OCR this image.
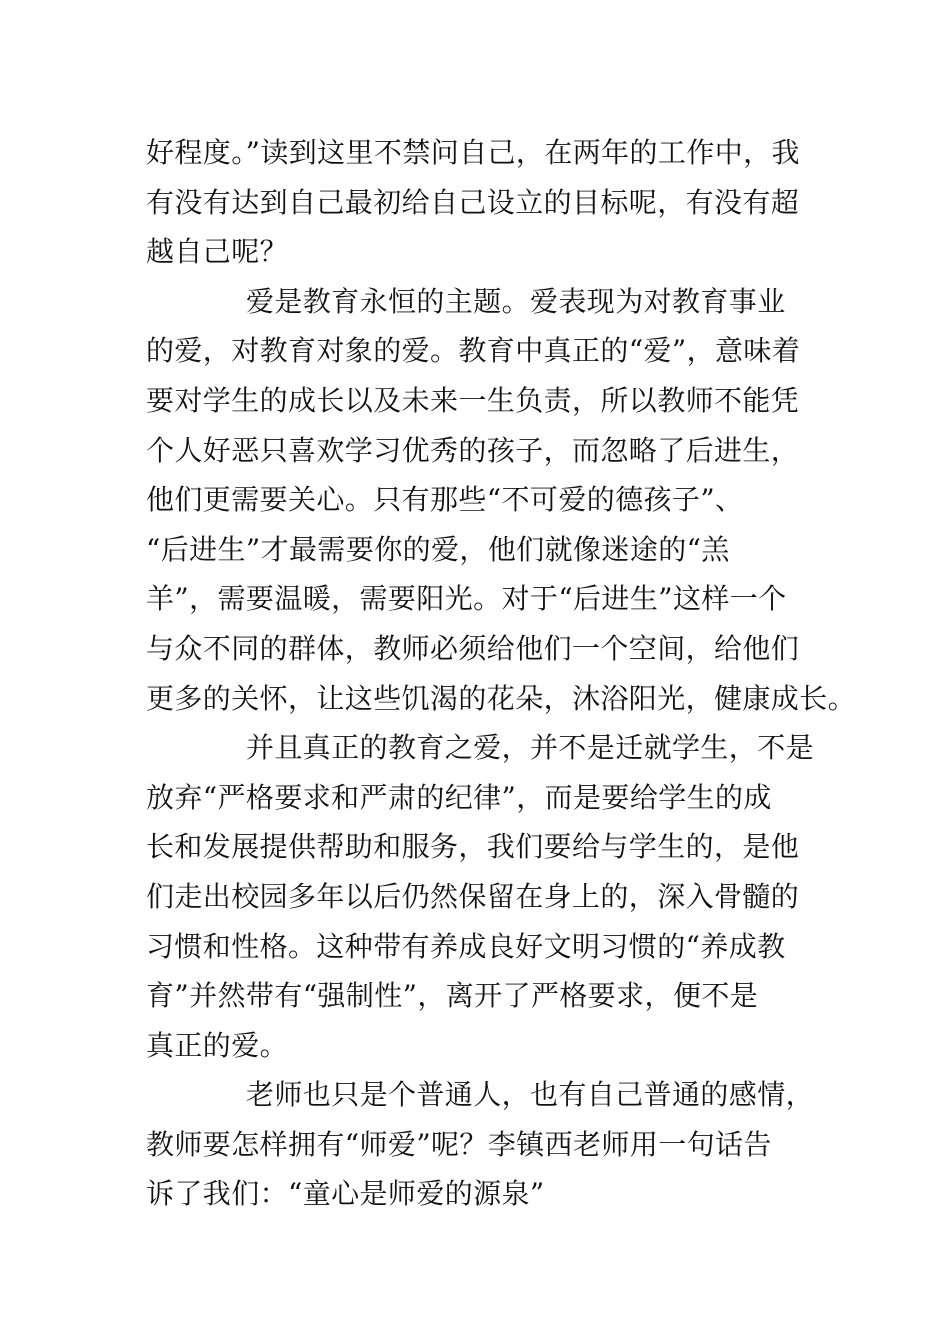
好程度。”读到这里不禁问自己，在两年的工作中，我
有没有达到自己最初给自己设立的目标呢，有没有超
越自己呢？
爱是教育永恒的主题。爱表现为对教育事业
的爱，对教育对象的爱。教育中真正的“爱”，意味着
要对学生的成长以及未来一生负责，所以教师不能凭
个人好恶只喜欢学习优秀的孩子，而忽略了后进生，
他们更需要关心。只有那些“不可爱的德孩子”、
“后进生”才最需要你的爱，他们就像迷途的“羔
羊”，需要温暖，需要阳光。对于“后进生”这样一个
与众不同的群体，教师必须给他们一个空间，给他们
更多的关怀，让这些饥渴的花朵，沐浴阳光，健康成长。
并且真正的教育之爱，并不是迁就学生，不是
放弃“严格要求和严肃的纪律”，而是要给学生的成
长和发展提供帮助和服务，我们要给与学生的，是他
们走出校园多年以后仍然保留在身上的，深入骨髓的
习惯和性格。这种带有养成良好文明习惯的“养成教
育”并然带有“强制性”，离开了严格要求，便不是
真正的爱。
老师也只是个普通人，也有自己普通的感情，
教师要怎样拥有“师爱”呢？李镇西老师用一句话告
诉了我们：“童心是师爱的源泉”
